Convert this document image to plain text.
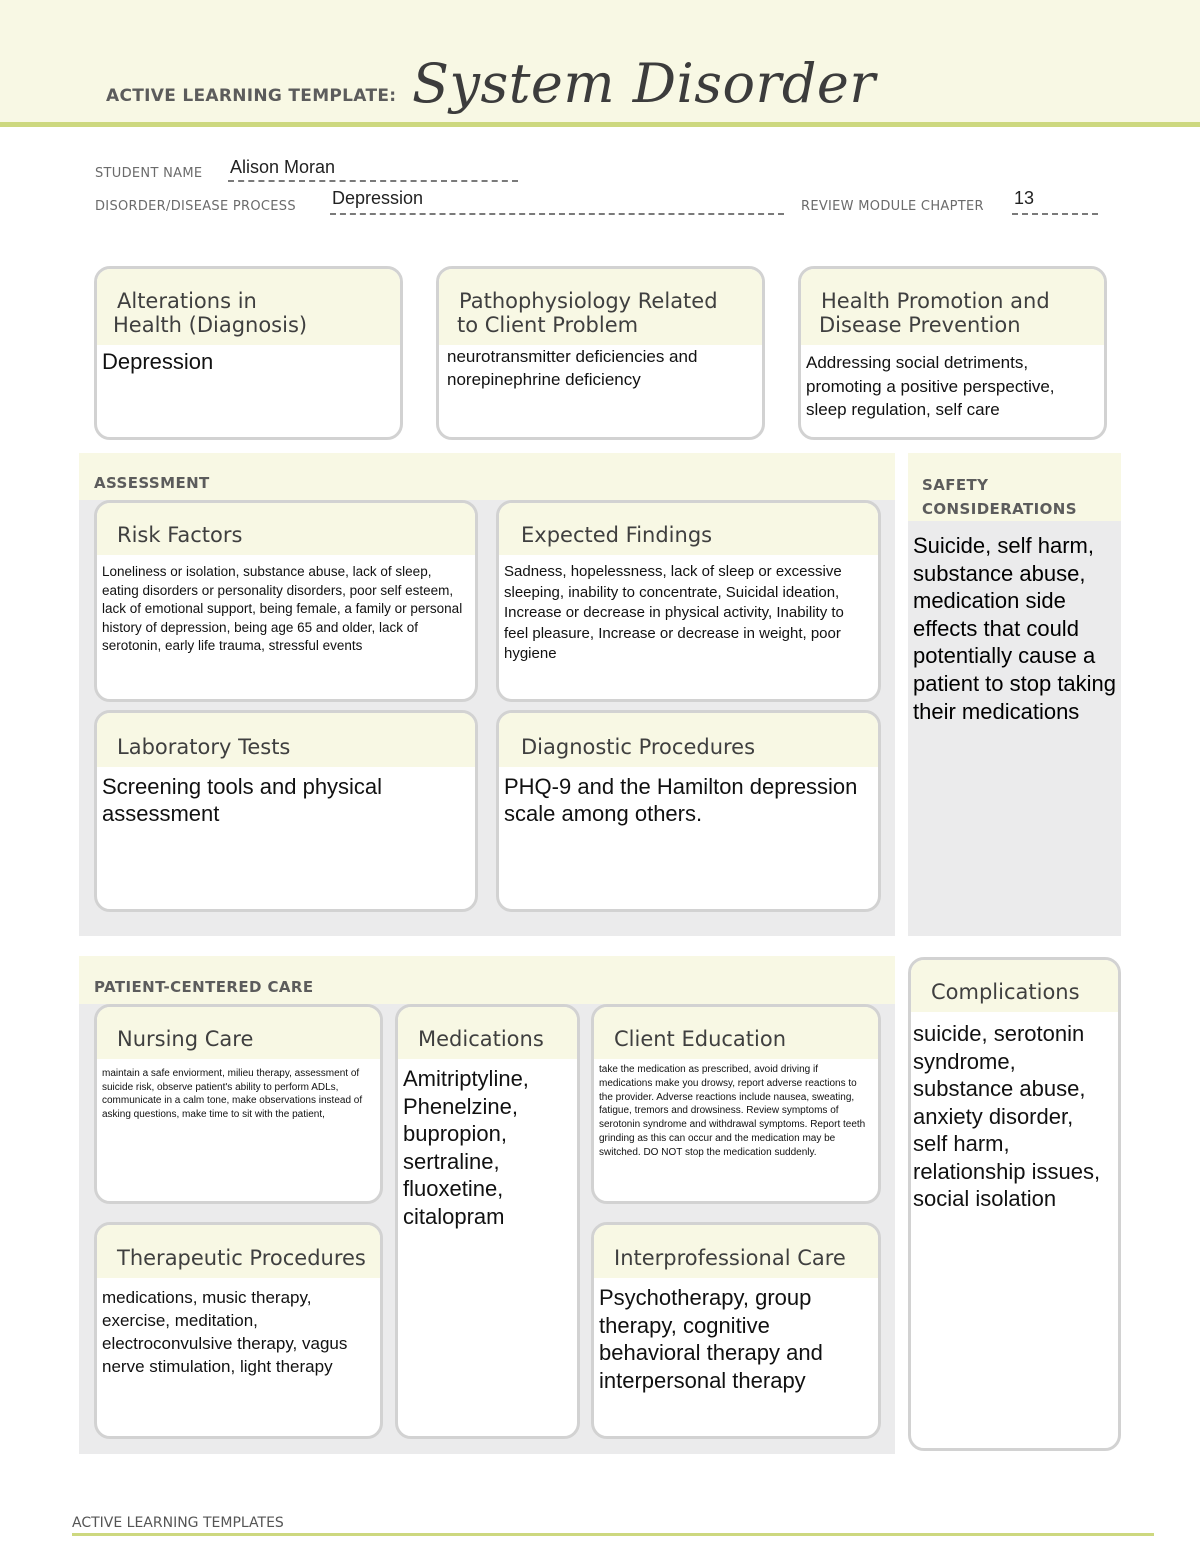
ACTIVE LEARNING TEMPLATE: System Disorder
STUDENT NAME Alison Moran
DISORDER/DISEASE PROCESS Depression	REVIEW MODULE CHAPTER 13
Alterations in
Health (Diagnosis)
Depression
Pathophysiology Related
to Client Problem
neurotransmitter deficiencies and norepinephrine deficiency
Health Promotion and
Disease Prevention
Addressing social detriments, promoting a positive perspective, sleep regulation, self care
ASSESSMENT
Risk Factors
Loneliness or isolation, substance abuse, lack of sleep, eating disorders or personality disorders, poor self esteem, lack of emotional support, being female, a family or personal history of depression, being age 65 and older, lack of serotonin, early life trauma, stressful events
Expected Findings
Sadness, hopelessness, lack of sleep or excessive sleeping, inability to concentrate, Suicidal ideation, Increase or decrease in physical activity, Inability to feel pleasure, Increase or decrease in weight, poor hygiene
Laboratory Tests
Screening tools and physical assessment
Diagnostic Procedures
PHQ-9 and the Hamilton depression scale among others.
SAFETY
CONSIDERATIONS
Suicide, self harm, substance abuse, medication side effects that could potentially cause a patient to stop taking their medications
PATIENT-CENTERED CARE
Nursing Care
maintain a safe enviorment, milieu therapy, assessment of suicide risk, observe patient's ability to perform ADLs, communicate in a calm tone, make observations instead of asking questions, make time to sit with the patient,
Medications
Amitriptyline, Phenelzine, bupropion, sertraline, fluoxetine, citalopram
Client Education
take the medication as prescribed, avoid driving if medications make you drowsy, report adverse reactions to the provider. Adverse reactions include nausea, sweating, fatigue, tremors and drowsiness. Review symptoms of serotonin syndrome and withdrawal symptoms. Report teeth grinding as this can occur and the medication may be switched. DO NOT stop the medication suddenly.
Therapeutic Procedures
medications, music therapy, exercise, meditation, electroconvulsive therapy, vagus nerve stimulation, light therapy
Interprofessional Care
Psychotherapy, group therapy, cognitive behavioral therapy and interpersonal therapy
Complications
suicide, serotonin syndrome, substance abuse, anxiety disorder, self harm, relationship issues, social isolation
ACTIVE LEARNING TEMPLATES
